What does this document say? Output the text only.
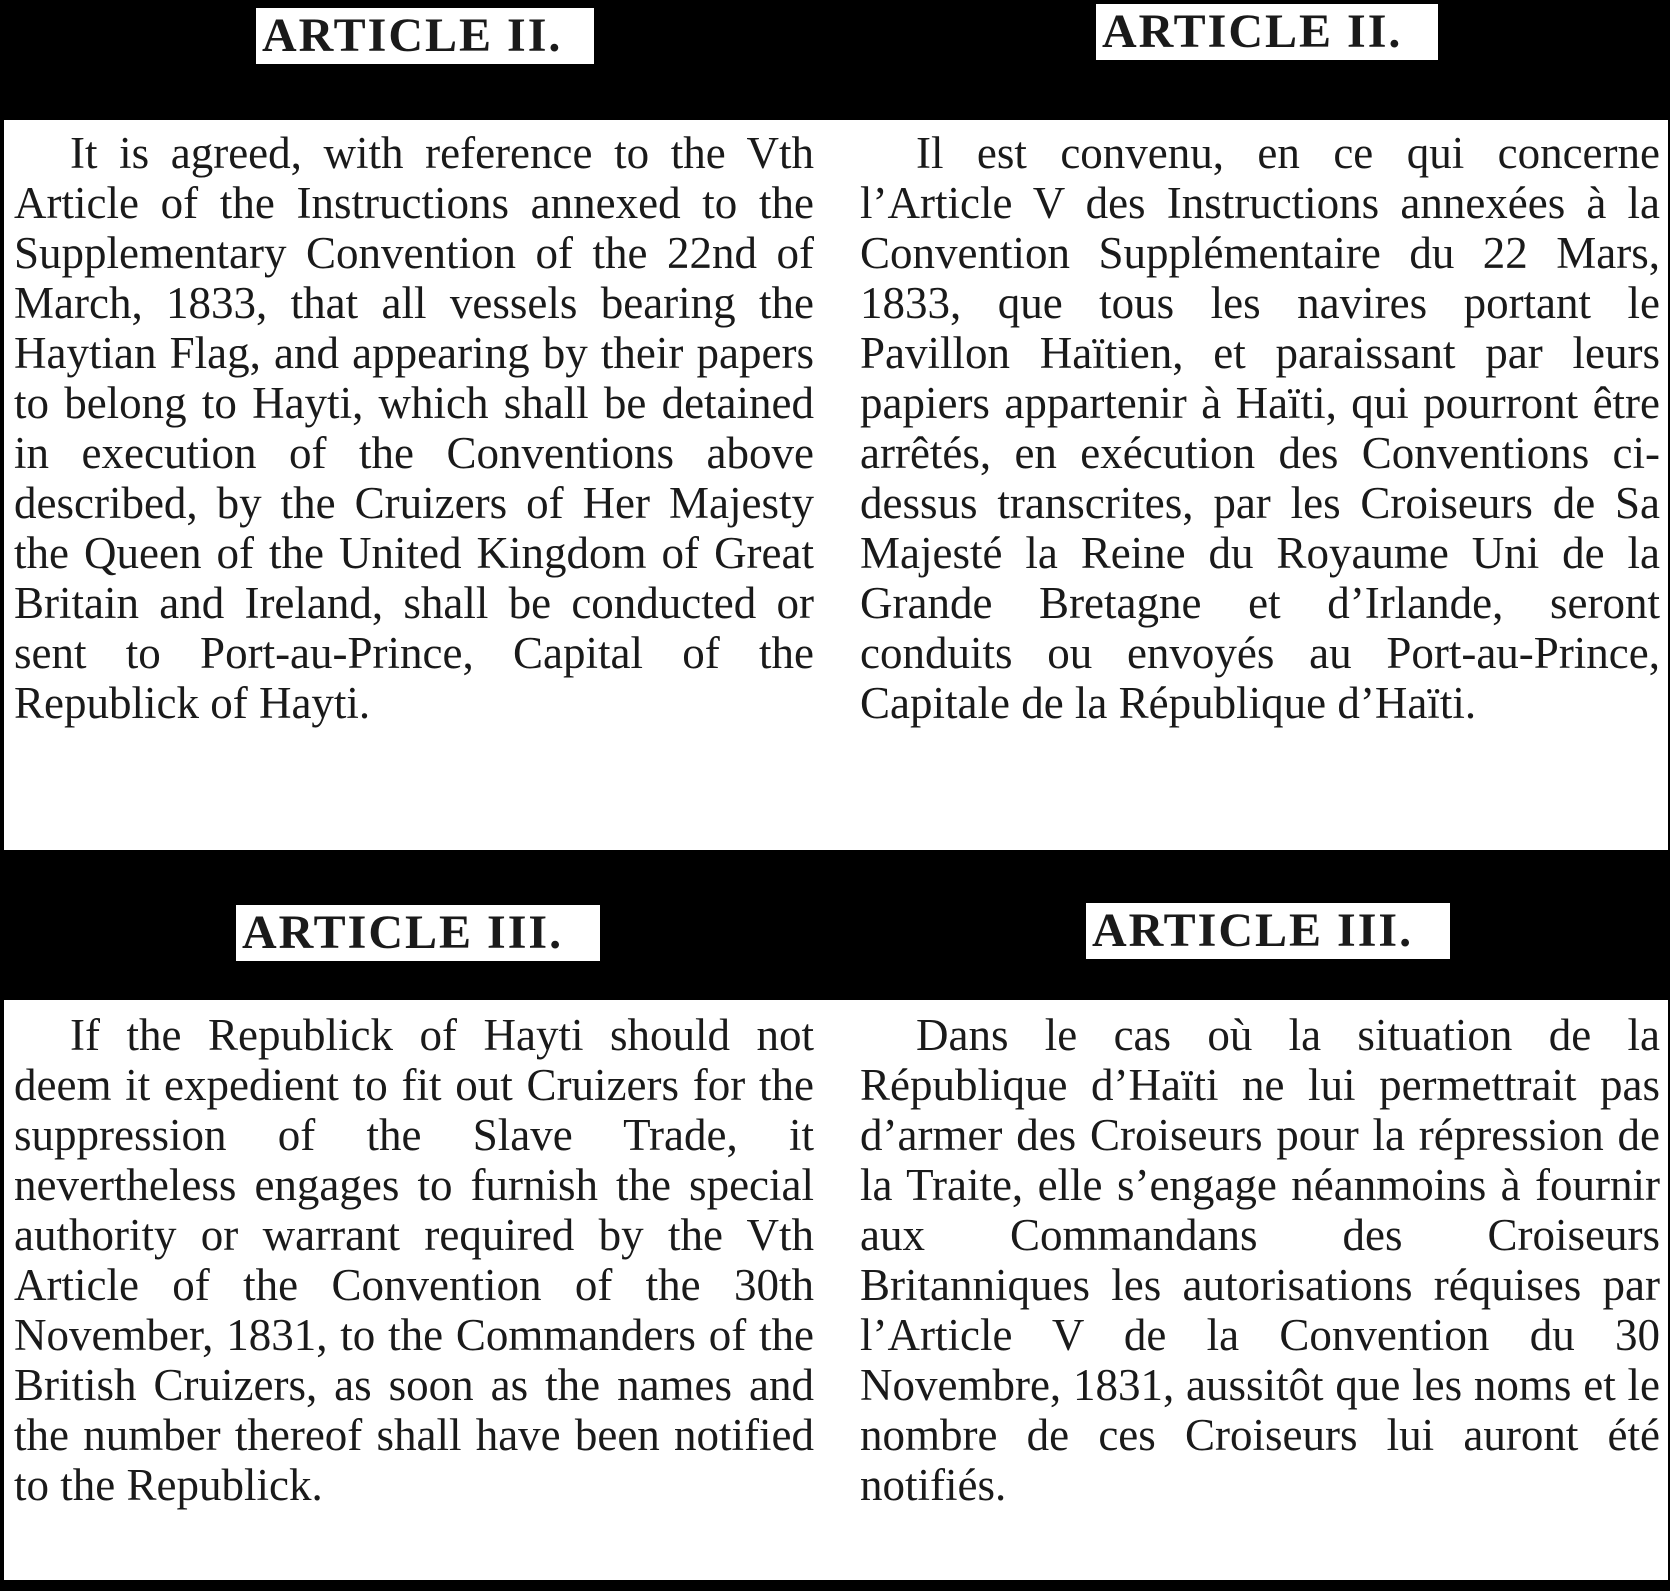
ARTICLE II.	ARTICLE II.

It is agreed, with reference to the Vth Article of the Instructions annexed to the Supplementary Convention of the 22nd of March, 1833, that all vessels bearing the Haytian Flag, and appearing by their papers to belong to Hayti, which shall be detained in execution of the Conventions above described, by the Cruizers of Her Majesty the Queen of the United Kingdom of Great Britain and Ireland, shall be conducted or sent to Port-au-Prince, Capital of the Republick of Hayti.

Il est convenu, en ce qui concerne l’Article V des Instructions annexées à la Convention Supplémentaire du 22 Mars, 1833, que tous les navires portant le Pavillon Haïtien, et paraissant par leurs papiers appartenir à Haïti, qui pourront être arrêtés, en exécution des Conventions ci-dessus transcrites, par les Croiseurs de Sa Majesté la Reine du Royaume Uni de la Grande Bretagne et d’Irlande, seront conduits ou envoyés au Port-au-Prince, Capitale de la République d’Haïti.

ARTICLE III.	ARTICLE III.

If the Republick of Hayti should not deem it expedient to fit out Cruizers for the suppression of the Slave Trade, it nevertheless engages to furnish the special authority or warrant required by the Vth Article of the Convention of the 30th November, 1831, to the Commanders of the British Cruizers, as soon as the names and the number thereof shall have been notified to the Republick.

Dans le cas où la situation de la République d’Haïti ne lui permettrait pas d’armer des Croiseurs pour la répression de la Traite, elle s’engage néanmoins à fournir aux Commandans des Croiseurs Britanniques les autorisations réquises par l’Article V de la Convention du 30 Novembre, 1831, aussitôt que les noms et le nombre de ces Croiseurs lui auront été notifiés.
